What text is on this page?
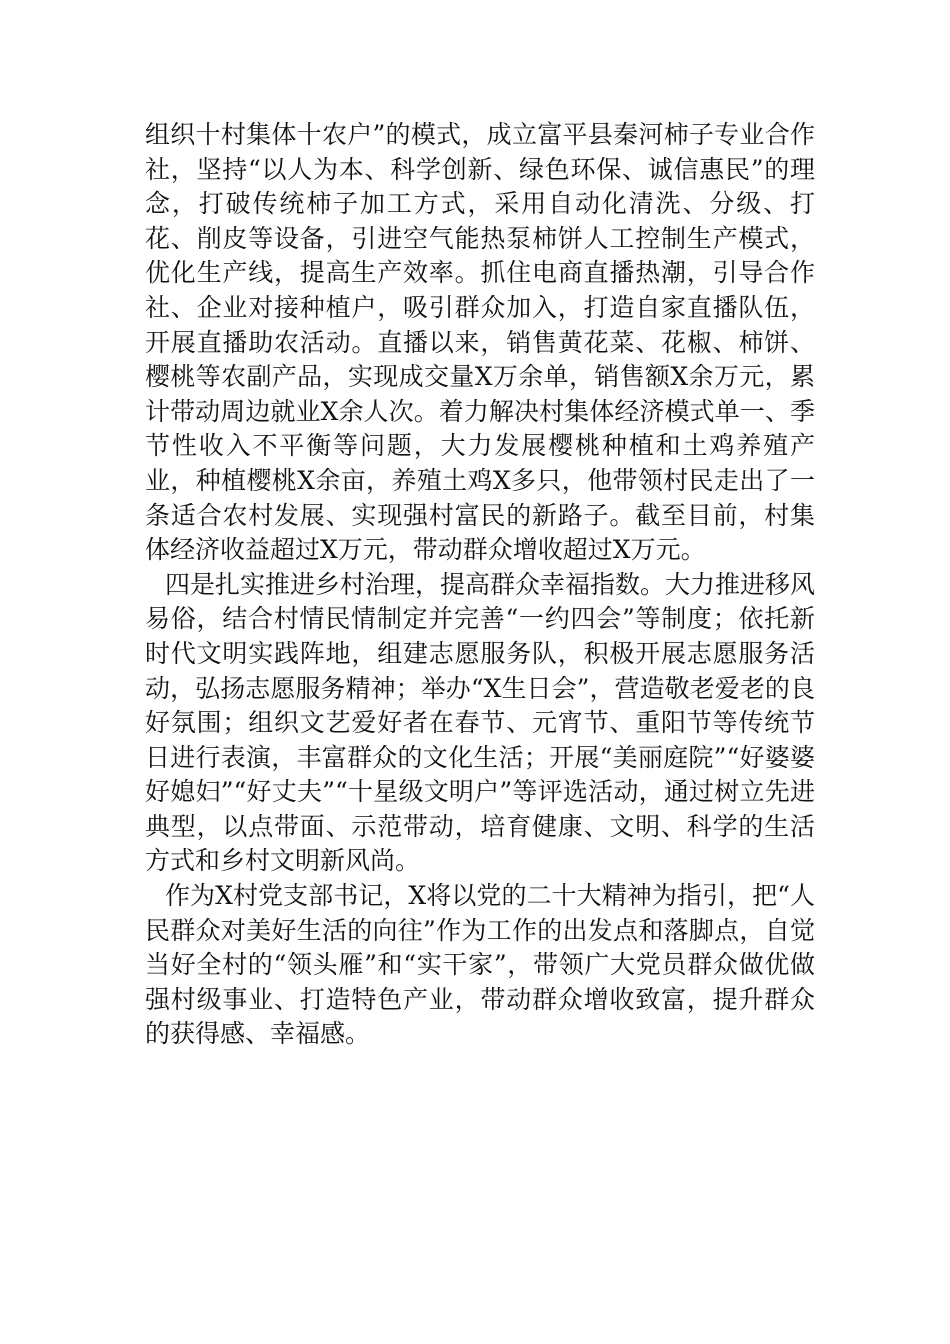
组织十村集体十农户”的模式，成立富平县秦河柿子专业合作社，坚持“以人为本、科学创新、绿色环保、诚信惠民”的理念，打破传统柿子加工方式，采用自动化清洗、分级、打花、削皮等设备，引进空气能热泵柿饼人工控制生产模式，优化生产线，提高生产效率。抓住电商直播热潮，引导合作社、企业对接种植户，吸引群众加入，打造自家直播队伍，开展直播助农活动。直播以来，销售黄花菜、花椒、柿饼、樱桃等农副产品，实现成交量X万余单，销售额X余万元，累计带动周边就业X余人次。着力解决村集体经济模式单一、季节性收入不平衡等问题，大力发展樱桃种植和土鸡养殖产业，种植樱桃X余亩，养殖土鸡X多只，他带领村民走出了一条适合农村发展、实现强村富民的新路子。截至目前，村集体经济收益超过X万元，带动群众增收超过X万元。

四是扎实推进乡村治理，提高群众幸福指数。大力推进移风易俗，结合村情民情制定并完善“一约四会”等制度；依托新时代文明实践阵地，组建志愿服务队，积极开展志愿服务活动，弘扬志愿服务精神；举办“X生日会”，营造敬老爱老的良好氛围；组织文艺爱好者在春节、元宵节、重阳节等传统节日进行表演，丰富群众的文化生活；开展“美丽庭院”“好婆婆好媳妇”“好丈夫”“十星级文明户”等评选活动，通过树立先进典型，以点带面、示范带动，培育健康、文明、科学的生活方式和乡村文明新风尚。

作为X村党支部书记，X将以党的二十大精神为指引，把“人民群众对美好生活的向往”作为工作的出发点和落脚点，自觉当好全村的“领头雁”和“实干家”，带领广大党员群众做优做强村级事业、打造特色产业，带动群众增收致富，提升群众的获得感、幸福感。
